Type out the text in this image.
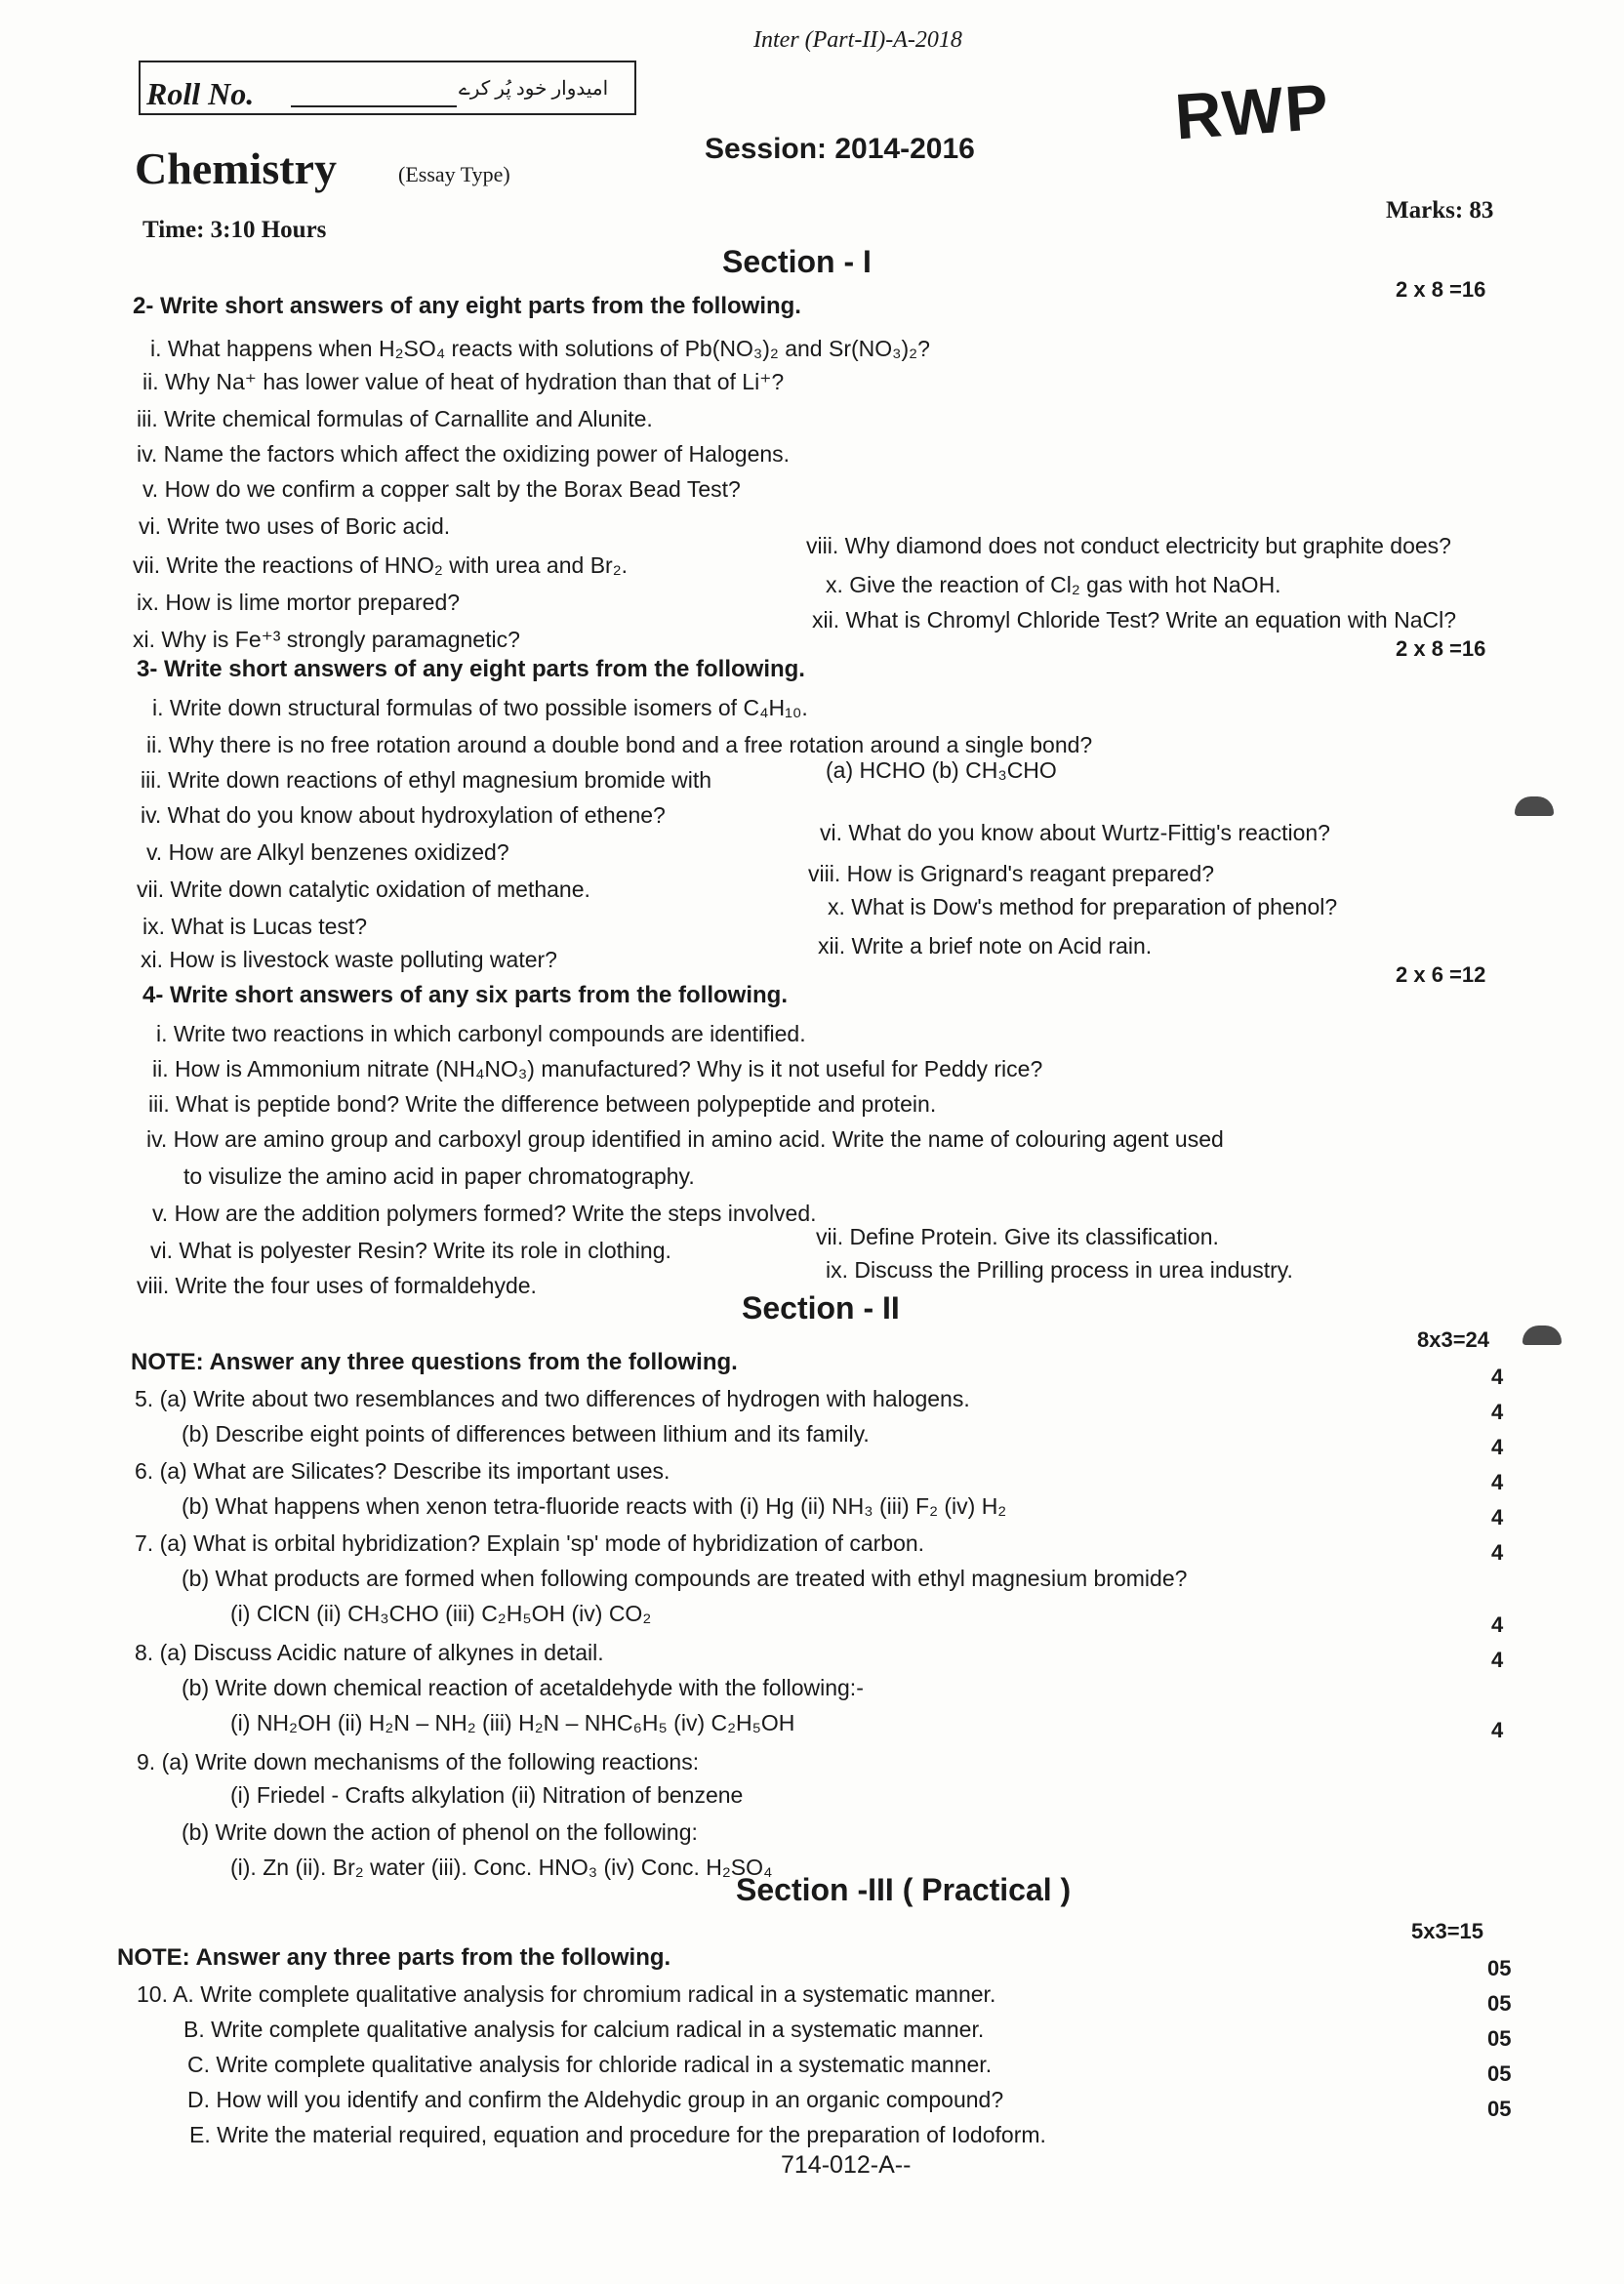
Inter (Part-II)-A-2018
Roll No.	امیدوار خود پُر کرے
Chemistry	(Essay Type)
Session: 2014-2016	RWP
Time: 3:10 Hours
Marks: 83
Section - I
2- Write short answers of any eight parts from the following.
2 x 8 =16
i. What happens when H₂SO₄ reacts with solutions of Pb(NO₃)₂ and Sr(NO₃)₂?
ii. Why Na⁺ has lower value of heat of hydration than that of Li⁺?
iii. Write chemical formulas of Carnallite and Alunite.
iv. Name the factors which affect the oxidizing power of Halogens.
v. How do we confirm a copper salt by the Borax Bead Test?
vi. Write two uses of Boric acid.
vii. Write the reactions of HNO₂ with urea and Br₂.
viii. Why diamond does not conduct electricity but graphite does?
ix. How is lime mortor prepared?
x. Give the reaction of Cl₂ gas with hot NaOH.
xi. Why is Fe⁺³ strongly paramagnetic?
xii. What is Chromyl Chloride Test? Write an equation with NaCl?
3- Write short answers of any eight parts from the following.
2 x 8 =16
i. Write down structural formulas of two possible isomers of C₄H₁₀.
ii. Why there is no free rotation around a double bond and a free rotation around a single bond?
iii. Write down reactions of ethyl magnesium bromide with	(a) HCHO (b) CH₃CHO
iv. What do you know about hydroxylation of ethene?
v. How are Alkyl benzenes oxidized?
vi. What do you know about Wurtz-Fittig's reaction?
vii. Write down catalytic oxidation of methane.
viii. How is Grignard's reagant prepared?
ix. What is Lucas test?
x. What is Dow's method for preparation of phenol?
xi. How is livestock waste polluting water?
xii. Write a brief note on Acid rain.
4- Write short answers of any six parts from the following.
2 x 6 =12
i. Write two reactions in which carbonyl compounds are identified.
ii. How is Ammonium nitrate (NH₄NO₃) manufactured? Why is it not useful for Peddy rice?
iii. What is peptide bond? Write the difference between polypeptide and protein.
iv. How are amino group and carboxyl group identified in amino acid. Write the name of colouring agent used
to visulize the amino acid in paper chromatography.
v. How are the addition polymers formed? Write the steps involved.
vi. What is polyester Resin? Write its role in clothing.
vii. Define Protein. Give its classification.
viii. Write the four uses of formaldehyde.
ix. Discuss the Prilling process in urea industry.
Section - II
NOTE: Answer any three questions from the following.
8x3=24
5. (a) Write about two resemblances and two differences of hydrogen with halogens.
(b) Describe eight points of differences between lithium and its family.
6. (a) What are Silicates? Describe its important uses.
(b) What happens when xenon tetra-fluoride reacts with (i) Hg (ii) NH₃ (iii) F₂ (iv) H₂
7. (a) What is orbital hybridization? Explain 'sp' mode of hybridization of carbon.
(b) What products are formed when following compounds are treated with ethyl magnesium bromide?
(i) ClCN (ii) CH₃CHO (iii) C₂H₅OH (iv) CO₂
8. (a) Discuss Acidic nature of alkynes in detail.
(b) Write down chemical reaction of acetaldehyde with the following:-
(i) NH₂OH (ii) H₂N – NH₂ (iii) H₂N – NHC₆H₅ (iv) C₂H₅OH
9. (a) Write down mechanisms of the following reactions:
(i) Friedel - Crafts alkylation (ii) Nitration of benzene
(b) Write down the action of phenol on the following:
(i). Zn (ii). Br₂ water (iii). Conc. HNO₃ (iv) Conc. H₂SO₄
4
4
4
4
4
4
4
4
4
Section -III ( Practical )
NOTE: Answer any three parts from the following.
5x3=15
10. A. Write complete qualitative analysis for chromium radical in a systematic manner.
B. Write complete qualitative analysis for calcium radical in a systematic manner.
C. Write complete qualitative analysis for chloride radical in a systematic manner.
D. How will you identify and confirm the Aldehydic group in an organic compound?
E. Write the material required, equation and procedure for the preparation of Iodoform.
05
05
05
05
05
714-012-A--
